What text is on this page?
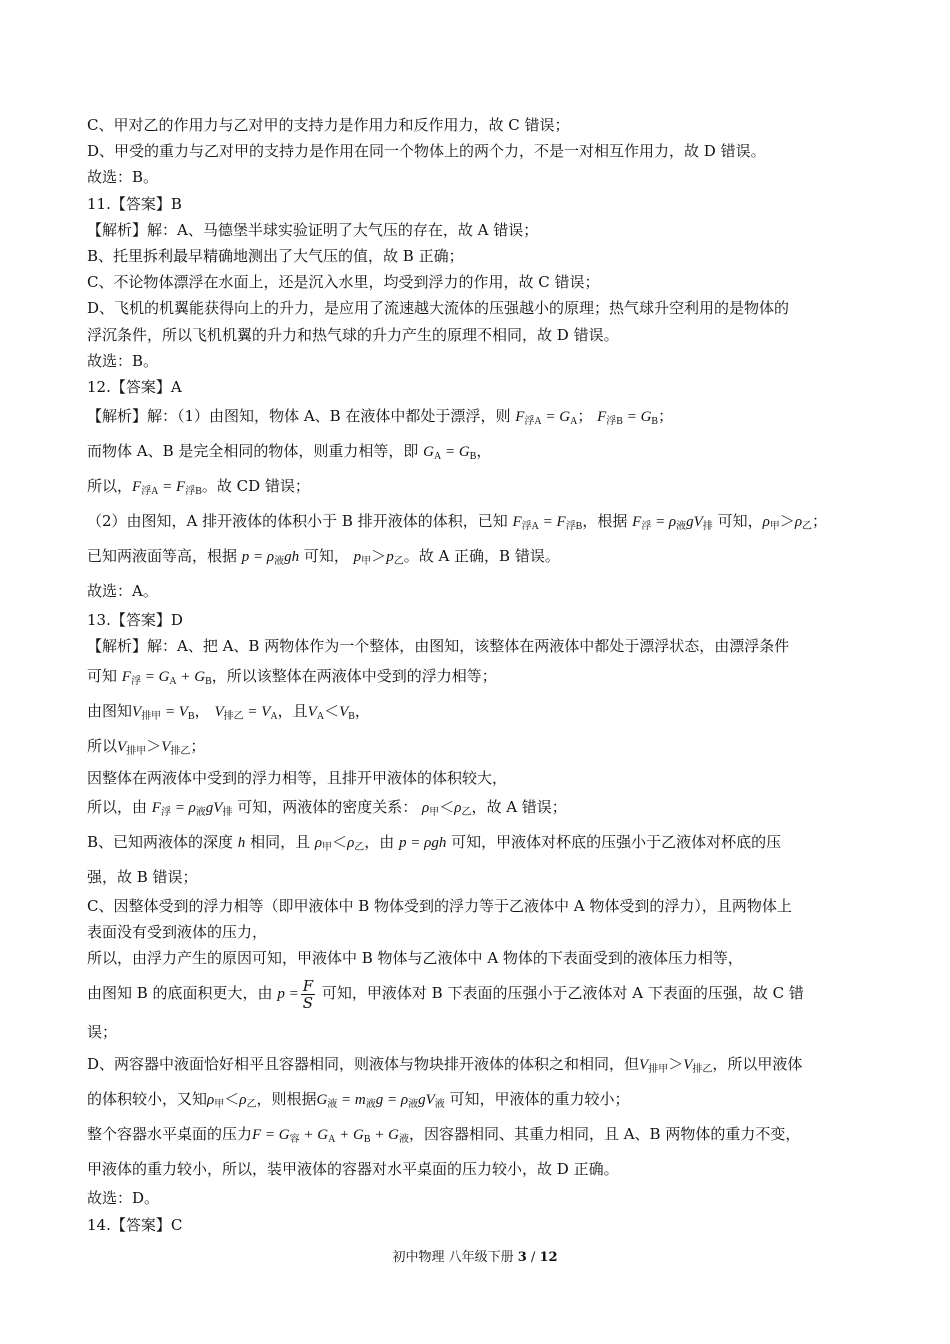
C、甲对乙的作用力与乙对甲的支持力是作用力和反作用力，故 C 错误；
D、甲受的重力与乙对甲的支持力是作用在同一个物体上的两个力，不是一对相互作用力，故 D 错误。
故选：B。
11.【答案】B
【解析】解：A、马德堡半球实验证明了大气压的存在，故 A 错误；
B、托里拆利最早精确地测出了大气压的值，故 B 正确；
C、不论物体漂浮在水面上，还是沉入水里，均受到浮力的作用，故 C 错误；
D、飞机的机翼能获得向上的升力，是应用了流速越大流体的压强越小的原理；热气球升空利用的是物体的
浮沉条件，所以飞机机翼的升力和热气球的升力产生的原理不相同，故 D 错误。
故选：B。
12.【答案】A
【解析】解：（1）由图知，物体 A、B 在液体中都处于漂浮，则 $F_{浮A} = G_A$； $F_{浮B} = G_B$；
而物体 A、B 是完全相同的物体，则重力相等，即 $G_A = G_B$，
所以，$F_{浮A} = F_{浮B}$。故 CD 错误；
（2）由图知，A 排开液体的体积小于 B 排开液体的体积，已知 $F_{浮A} = F_{浮B}$，根据 $F_浮 = \rho_液gV_排$ 可知，$\rho_甲>\rho_乙$；
已知两液面等高，根据 $p = \rho_液gh$ 可知， $p_甲>p_乙$。故 A 正确，B 错误。
故选：A。
13.【答案】D
【解析】解：A、把 A、B 两物体作为一个整体，由图知，该整体在两液体中都处于漂浮状态，由漂浮条件
可知 $F_浮 = G_A + G_B$，所以该整体在两液体中受到的浮力相等；
由图知$V_{排甲} = V_B$， $V_{排乙} = V_A$，且$V_A<V_B$，
所以$V_{排甲}>V_{排乙}$；
因整体在两液体中受到的浮力相等，且排开甲液体的体积较大，
所以，由 $F_浮 = \rho_液gV_排$ 可知，两液体的密度关系： $\rho_甲<\rho_乙$，故 A 错误；
B、已知两液体的深度 h 相同，且 $\rho_甲<\rho_乙$，由 p = ρgh 可知，甲液体对杯底的压强小于乙液体对杯底的压
强，故 B 错误；
C、因整体受到的浮力相等（即甲液体中 B 物体受到的浮力等于乙液体中 A 物体受到的浮力），且两物体上
表面没有受到液体的压力，
所以，由浮力产生的原因可知，甲液体中 B 物体与乙液体中 A 物体的下表面受到的液体压力相等，
由图知 B 的底面积更大，由 $p = \frac{F}{S}$ 可知，甲液体对 B 下表面的压强小于乙液体对 A 下表面的压强，故 C 错
误；
D、两容器中液面恰好相平且容器相同，则液体与物块排开液体的体积之和相同，但$V_{排甲}>V_{排乙}$，所以甲液体
的体积较小，又知$\rho_甲<\rho_乙$，则根据$G_液 = m_液g = \rho_液gV_液$ 可知，甲液体的重力较小；
整个容器水平桌面的压力$F = G_容 + G_A + G_B + G_液$，因容器相同、其重力相同，且 A、B 两物体的重力不变，
甲液体的重力较小，所以，装甲液体的容器对水平桌面的压力较小，故 D 正确。
故选：D。
14.【答案】C
初中物理 八年级下册 3 / 12
